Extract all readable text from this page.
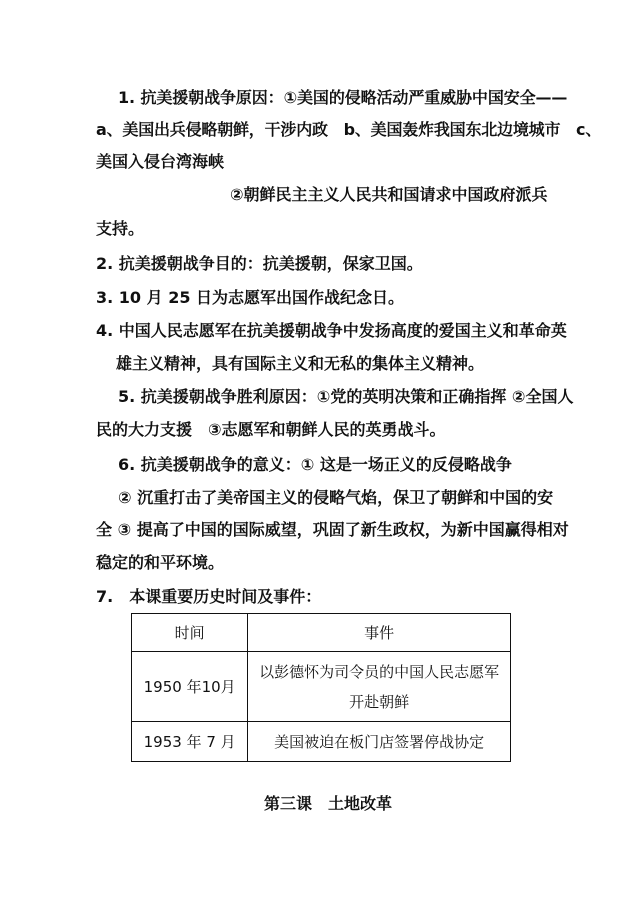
1. 抗美援朝战争原因：①美国的侵略活动严重威胁中国安全——
a、美国出兵侵略朝鲜，干涉内政　b、美国轰炸我国东北边境城市　c、
美国入侵台湾海峡
②朝鲜民主主义人民共和国请求中国政府派兵
支持。
2. 抗美援朝战争目的：抗美援朝，保家卫国。
3. 10 月 25 日为志愿军出国作战纪念日。
4. 中国人民志愿军在抗美援朝战争中发扬高度的爱国主义和革命英
雄主义精神，具有国际主义和无私的集体主义精神。
5. 抗美援朝战争胜利原因：①党的英明决策和正确指挥 ②全国人
民的大力支援　③志愿军和朝鲜人民的英勇战斗。
6. 抗美援朝战争的意义：① 这是一场正义的反侵略战争
② 沉重打击了美帝国主义的侵略气焰，保卫了朝鲜和中国的安
全 ③ 提高了中国的国际威望，巩固了新生政权，为新中国赢得相对
稳定的和平环境。
7.　本课重要历史时间及事件：
时间	事件
1950 年10月	以彭德怀为司令员的中国人民志愿军
开赴朝鲜

1953 年 7 月	美国被迫在板门店签署停战协定
第三课　土地改革
